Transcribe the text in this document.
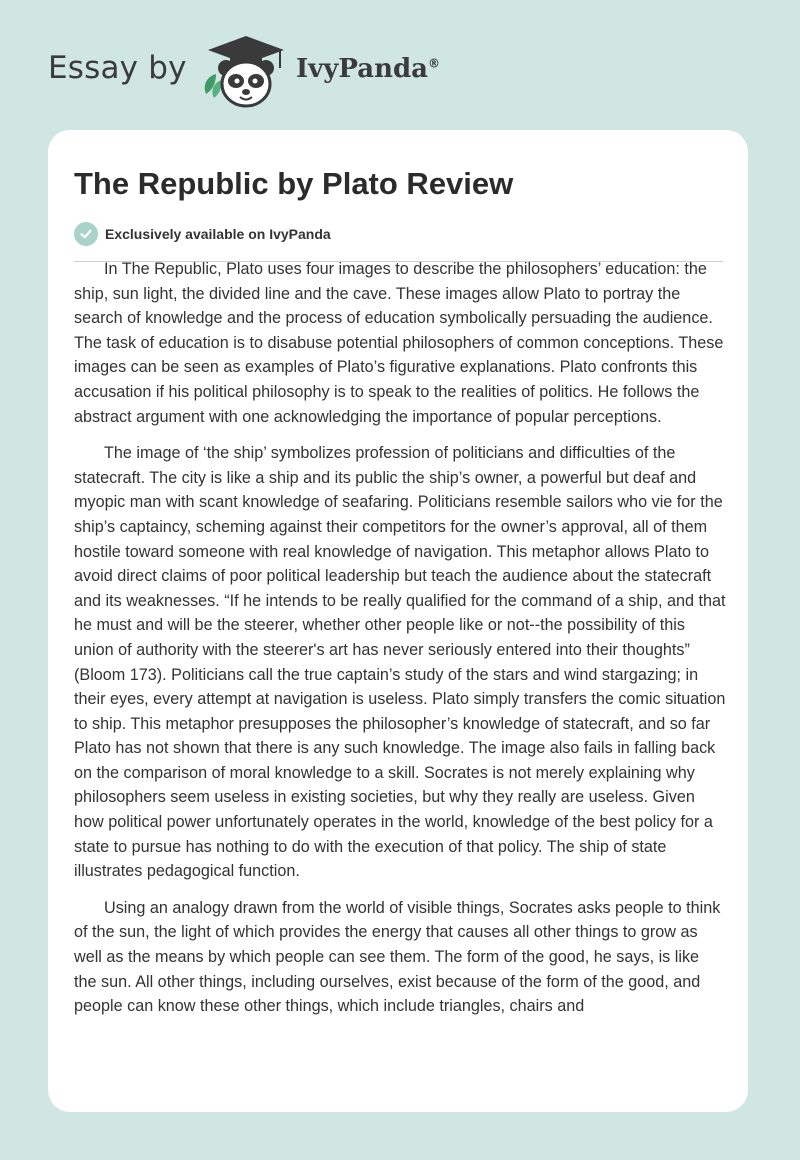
Essay by	IvyPanda®
The Republic by Plato Review
Exclusively available on IvyPanda

In The Republic, Plato uses four images to describe the philosophers’ education: the ship, sun light, the divided line and the cave. These images allow Plato to portray the search of knowledge and the process of education symbolically persuading the audience. The task of education is to disabuse potential philosophers of common conceptions. These images can be seen as examples of Plato’s figurative explanations. Plato confronts this accusation if his political philosophy is to speak to the realities of politics. He follows the abstract argument with one acknowledging the importance of popular perceptions.

The image of ‘the ship’ symbolizes profession of politicians and difficulties of the statecraft. The city is like a ship and its public the ship’s owner, a powerful but deaf and myopic man with scant knowledge of seafaring. Politicians resemble sailors who vie for the ship’s captaincy, scheming against their competitors for the owner’s approval, all of them hostile toward someone with real knowledge of navigation. This metaphor allows Plato to avoid direct claims of poor political leadership but teach the audience about the statecraft and its weaknesses. “If he intends to be really qualified for the command of a ship, and that he must and will be the steerer, whether other people like or not--the possibility of this union of authority with the steerer's art has never seriously entered into their thoughts” (Bloom 173). Politicians call the true captain’s study of the stars and wind stargazing; in their eyes, every attempt at navigation is useless. Plato simply transfers the comic situation to ship. This metaphor presupposes the philosopher’s knowledge of statecraft, and so far Plato has not shown that there is any such knowledge. The image also fails in falling back on the comparison of moral knowledge to a skill. Socrates is not merely explaining why philosophers seem useless in existing societies, but why they really are useless. Given how political power unfortunately operates in the world, knowledge of the best policy for a state to pursue has nothing to do with the execution of that policy. The ship of state illustrates pedagogical function.

Using an analogy drawn from the world of visible things, Socrates asks people to think of the sun, the light of which provides the energy that causes all other things to grow as well as the means by which people can see them. The form of the good, he says, is like the sun. All other things, including ourselves, exist because of the form of the good, and people can know these other things, which include triangles, chairs and
